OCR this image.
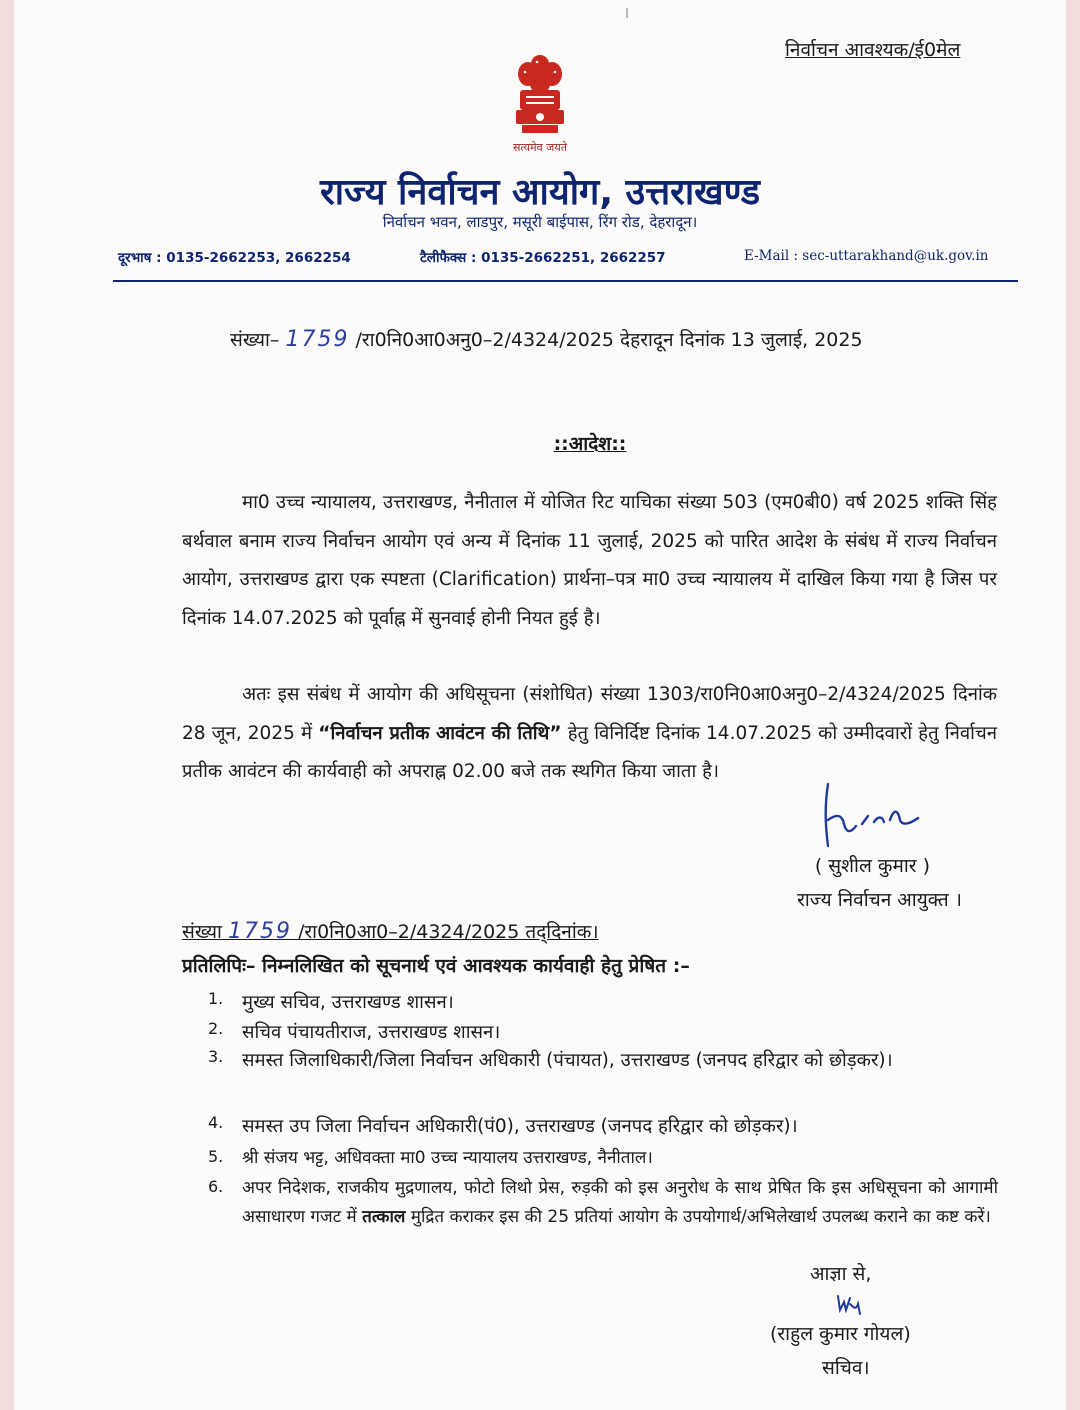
निर्वाचन आवश्यक/ई0मेल
सत्यमेव जयते
राज्य निर्वाचन आयोग, उत्तराखण्ड
निर्वाचन भवन, लाडपुर, मसूरी बाईपास, रिंग रोड, देहरादून।
दूरभाष : 0135-2662253, 2662254	टैलीफैक्स : 0135-2662251, 2662257	E-Mail : sec-uttarakhand@uk.gov.in
संख्या– 1759 /रा0नि0आ0अनु0–2/4324/2025 देहरादून दिनांक 13 जुलाई, 2025
::आदेश::
मा0 उच्च न्यायालय, उत्तराखण्ड, नैनीताल में योजित रिट याचिका संख्या 503 (एम0बी0) वर्ष 2025 शक्ति सिंह बर्थवाल बनाम राज्य निर्वाचन आयोग एवं अन्य में दिनांक 11 जुलाई, 2025 को पारित आदेश के संबंध में राज्य निर्वाचन आयोग, उत्तराखण्ड द्वारा एक स्पष्टता (Clarification) प्रार्थना–पत्र मा0 उच्च न्यायालय में दाखिल किया गया है जिस पर दिनांक 14.07.2025 को पूर्वाह्न में सुनवाई होनी नियत हुई है।
अतः इस संबंध में आयोग की अधिसूचना (संशोधित) संख्या 1303/रा0नि0आ0अनु0–2/4324/2025 दिनांक 28 जून, 2025 में “निर्वाचन प्रतीक आवंटन की तिथि” हेतु विनिर्दिष्ट दिनांक 14.07.2025 को उम्मीदवारों हेतु निर्वाचन प्रतीक आवंटन की कार्यवाही को अपराह्न 02.00 बजे तक स्थगित किया जाता है।
( सुशील कुमार )
राज्य निर्वाचन आयुक्त ।
संख्या 1759 /रा0नि0आ0–2/4324/2025 तद्‌दिनांक।
प्रतिलिपिः– निम्नलिखित को सूचनार्थ एवं आवश्यक कार्यवाही हेतु प्रेषित :–
1.	मुख्य सचिव, उत्तराखण्ड शासन।
2.	सचिव पंचायतीराज, उत्तराखण्ड शासन।
3.	समस्त जिलाधिकारी/जिला निर्वाचन अधिकारी (पंचायत), उत्तराखण्ड (जनपद हरिद्वार को छोड़कर)।
4.	समस्त उप जिला निर्वाचन अधिकारी(पं0), उत्तराखण्ड (जनपद हरिद्वार को छोड़कर)।
5.	श्री संजय भट्ट, अधिवक्ता मा0 उच्च न्यायालय उत्तराखण्ड, नैनीताल।
6.	अपर निदेशक, राजकीय मुद्रणालय, फोटो लिथो प्रेस, रुड़की को इस अनुरोध के साथ प्रेषित कि इस अधिसूचना को आगामी असाधारण गजट में तत्काल मुद्रित कराकर इस की 25 प्रतियां आयोग के उपयोगार्थ/अभिलेखार्थ उपलब्ध कराने का कष्ट करें।
आज्ञा से,
(राहुल कुमार गोयल)
सचिव।
